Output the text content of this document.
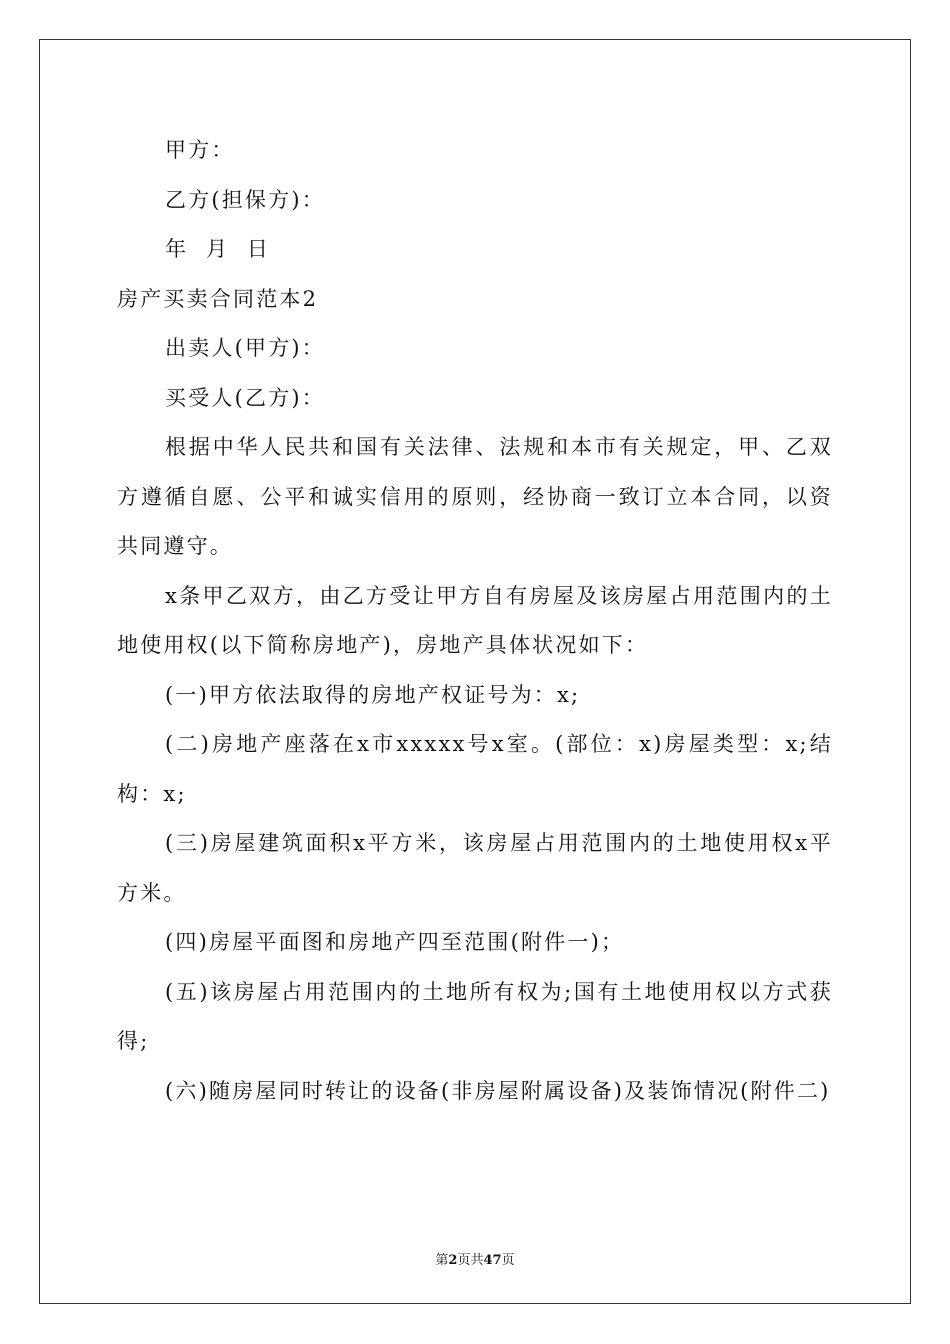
甲方：

乙方(担保方)：

年  月  日

房产买卖合同范本2

出卖人(甲方)：

买受人(乙方)：

根据中华人民共和国有关法律、法规和本市有关规定，甲、乙双方遵循自愿、公平和诚实信用的原则，经协商一致订立本合同，以资共同遵守。

x条甲乙双方，由乙方受让甲方自有房屋及该房屋占用范围内的土地使用权(以下简称房地产)，房地产具体状况如下：

(一)甲方依法取得的房地产权证号为：x;

(二)房地产座落在x市xxxxx号x室。(部位：x)房屋类型：x;结构：x;

(三)房屋建筑面积x平方米，该房屋占用范围内的土地使用权x平方米。

(四)房屋平面图和房地产四至范围(附件一)；

(五)该房屋占用范围内的土地所有权为;国有土地使用权以方式获得;

(六)随房屋同时转让的设备(非房屋附属设备)及装饰情况(附件二)

第2页共47页
